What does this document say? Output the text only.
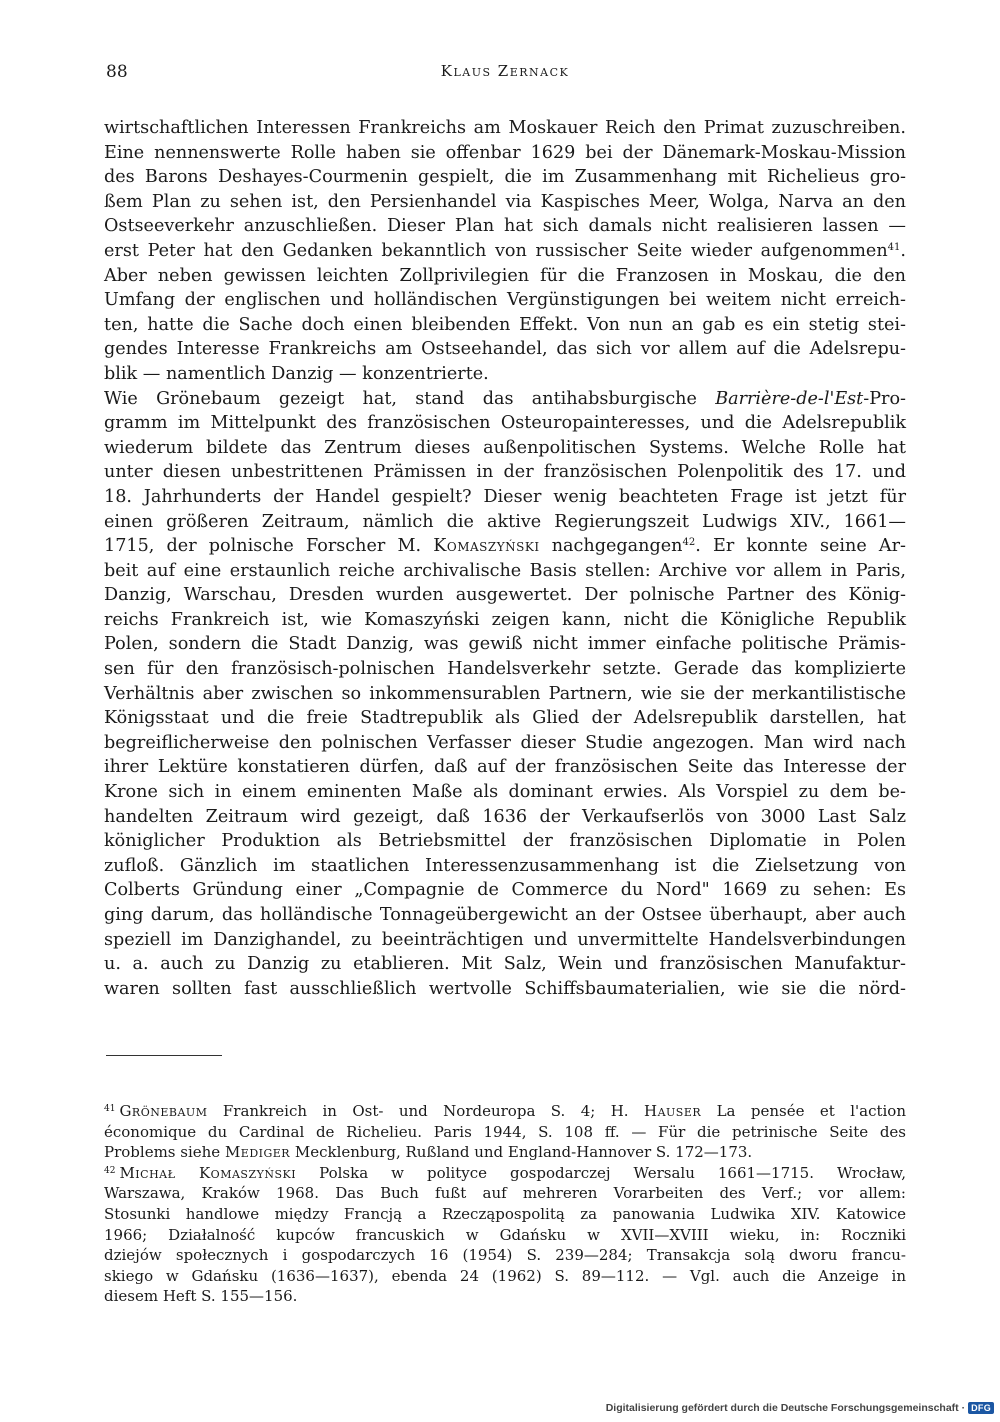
88	Klaus Zernack
wirtschaftlichen Interessen Frankreichs am Moskauer Reich den Primat zuzuschreiben.
Eine nennenswerte Rolle haben sie offenbar 1629 bei der Dänemark-Moskau-Mission
des Barons Deshayes-Courmenin gespielt, die im Zusammenhang mit Richelieus gro-
ßem Plan zu sehen ist, den Persienhandel via Kaspisches Meer, Wolga, Narva an den
Ostseeverkehr anzuschließen. Dieser Plan hat sich damals nicht realisieren lassen —
erst Peter hat den Gedanken bekanntlich von russischer Seite wieder aufgenommen$^{41}$.
Aber neben gewissen leichten Zollprivilegien für die Franzosen in Moskau, die den
Umfang der englischen und holländischen Vergünstigungen bei weitem nicht erreich-
ten, hatte die Sache doch einen bleibenden Effekt. Von nun an gab es ein stetig stei-
gendes Interesse Frankreichs am Ostseehandel, das sich vor allem auf die Adelsrepu-
blik — namentlich Danzig — konzentrierte.
Wie Grönebaum gezeigt hat, stand das antihabsburgische Barrière-de-l'Est-Pro-
gramm im Mittelpunkt des französischen Osteuropainteresses, und die Adelsrepublik
wiederum bildete das Zentrum dieses außenpolitischen Systems. Welche Rolle hat
unter diesen unbestrittenen Prämissen in der französischen Polenpolitik des 17. und
18. Jahrhunderts der Handel gespielt? Dieser wenig beachteten Frage ist jetzt für
einen größeren Zeitraum, nämlich die aktive Regierungszeit Ludwigs XIV., 1661—
1715, der polnische Forscher M. Komaszyński nachgegangen$^{42}$. Er konnte seine Ar-
beit auf eine erstaunlich reiche archivalische Basis stellen: Archive vor allem in Paris,
Danzig, Warschau, Dresden wurden ausgewertet. Der polnische Partner des König-
reichs Frankreich ist, wie Komaszyński zeigen kann, nicht die Königliche Republik
Polen, sondern die Stadt Danzig, was gewiß nicht immer einfache politische Prämis-
sen für den französisch-polnischen Handelsverkehr setzte. Gerade das komplizierte
Verhältnis aber zwischen so inkommensurablen Partnern, wie sie der merkantilistische
Königsstaat und die freie Stadtrepublik als Glied der Adelsrepublik darstellen, hat
begreiflicherweise den polnischen Verfasser dieser Studie angezogen. Man wird nach
ihrer Lektüre konstatieren dürfen, daß auf der französischen Seite das Interesse der
Krone sich in einem eminenten Maße als dominant erwies. Als Vorspiel zu dem be-
handelten Zeitraum wird gezeigt, daß 1636 der Verkaufserlös von 3000 Last Salz
königlicher Produktion als Betriebsmittel der französischen Diplomatie in Polen
zufloß. Gänzlich im staatlichen Interessenzusammenhang ist die Zielsetzung von
Colberts Gründung einer „Compagnie de Commerce du Nord" 1669 zu sehen: Es
ging darum, das holländische Tonnageübergewicht an der Ostsee überhaupt, aber auch
speziell im Danzighandel, zu beeinträchtigen und unvermittelte Handelsverbindungen
u. a. auch zu Danzig zu etablieren. Mit Salz, Wein und französischen Manufaktur-
waren sollten fast ausschließlich wertvolle Schiffsbaumaterialien, wie sie die nörd-
$^{41}$ Grönebaum Frankreich in Ost- und Nordeuropa S. 4; H. Hauser La pensée et l'action
économique du Cardinal de Richelieu. Paris 1944, S. 108 ff. — Für die petrinische Seite des
Problems siehe Mediger Mecklenburg, Rußland und England-Hannover S. 172—173.
$^{42}$ Michał Komaszyński Polska w polityce gospodarczej Wersalu 1661—1715. Wrocław,
Warszawa, Kraków 1968. Das Buch fußt auf mehreren Vorarbeiten des Verf.; vor allem:
Stosunki handlowe między Francją a Rzecząpospolitą za panowania Ludwika XIV. Katowice
1966; Działalność kupców francuskich w Gdańsku w XVII—XVIII wieku, in: Roczniki
dziejów społecznych i gospodarczych 16 (1954) S. 239—284; Transakcja solą dworu francu-
skiego w Gdańsku (1636—1637), ebenda 24 (1962) S. 89—112. — Vgl. auch die Anzeige in
diesem Heft S. 155—156.
Digitalisierung gefördert durch die Deutsche Forschungsgemeinschaft · DFG
